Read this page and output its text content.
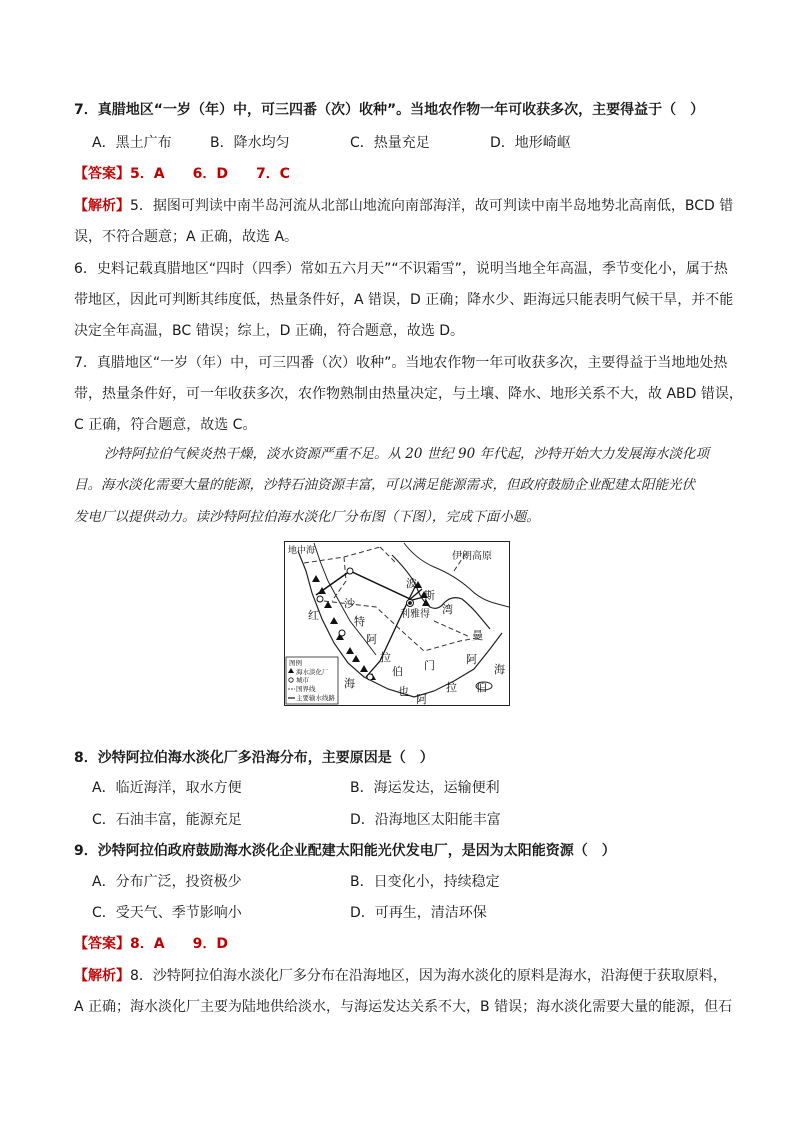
7．真腊地区“一岁（年）中，可三四番（次）收种”。当地农作物一年可收获多次，主要得益于（　）
A．黑土广布	B．降水均匀	C．热量充足	D．地形崎岖
【答案】5．A　　6．D　　7．C
【解析】5．据图可判读中南半岛河流从北部山地流向南部海洋，故可判读中南半岛地势北高南低，BCD 错
误，不符合题意；A 正确，故选 A。
6．史料记载真腊地区“四时（四季）常如五六月天”“不识霜雪”，说明当地全年高温，季节变化小，属于热
带地区，因此可判断其纬度低，热量条件好，A 错误，D 正确；降水少、距海远只能表明气候干旱，并不能
决定全年高温，BC 错误；综上，D 正确，符合题意，故选 D。
7．真腊地区“一岁（年）中，可三四番（次）收种”。当地农作物一年可收获多次，主要得益于当地地处热
带，热量条件好，可一年收获多次，农作物熟制由热量决定，与土壤、降水、地形关系不大，故 ABD 错误，
C 正确，符合题意，故选 C。
沙特阿拉伯气候炎热干燥，淡水资源严重不足。从 20 世纪 90 年代起，沙特开始大力发展海水淡化项
目。海水淡化需要大量的能源，沙特石油资源丰富，可以满足能源需求，但政府鼓励企业配建太阳能光伏
发电厂以提供动力。读沙特阿拉伯海水淡化厂分布图（下图），完成下面小题。
地中海	伊朗高原
红
海
沙
特
阿
拉
伯
波
斯
湾
利雅得
曼
阿
海
伯
门
也
阿
拉
图例
海水淡化厂
城市
国界线
主要输水线路
8．沙特阿拉伯海水淡化厂多沿海分布，主要原因是（　）
A．临近海洋，取水方便	B．海运发达，运输便利
C．石油丰富，能源充足	D．沿海地区太阳能丰富
9．沙特阿拉伯政府鼓励海水淡化企业配建太阳能光伏发电厂，是因为太阳能资源（　）
A．分布广泛，投资极少	B．日变化小，持续稳定
C．受天气、季节影响小	D．可再生，清洁环保
【答案】8．A　　9．D
【解析】8．沙特阿拉伯海水淡化厂多分布在沿海地区，因为海水淡化的原料是海水，沿海便于获取原料，
A 正确；海水淡化厂主要为陆地供给淡水，与海运发达关系不大，B 错误；海水淡化需要大量的能源，但石
